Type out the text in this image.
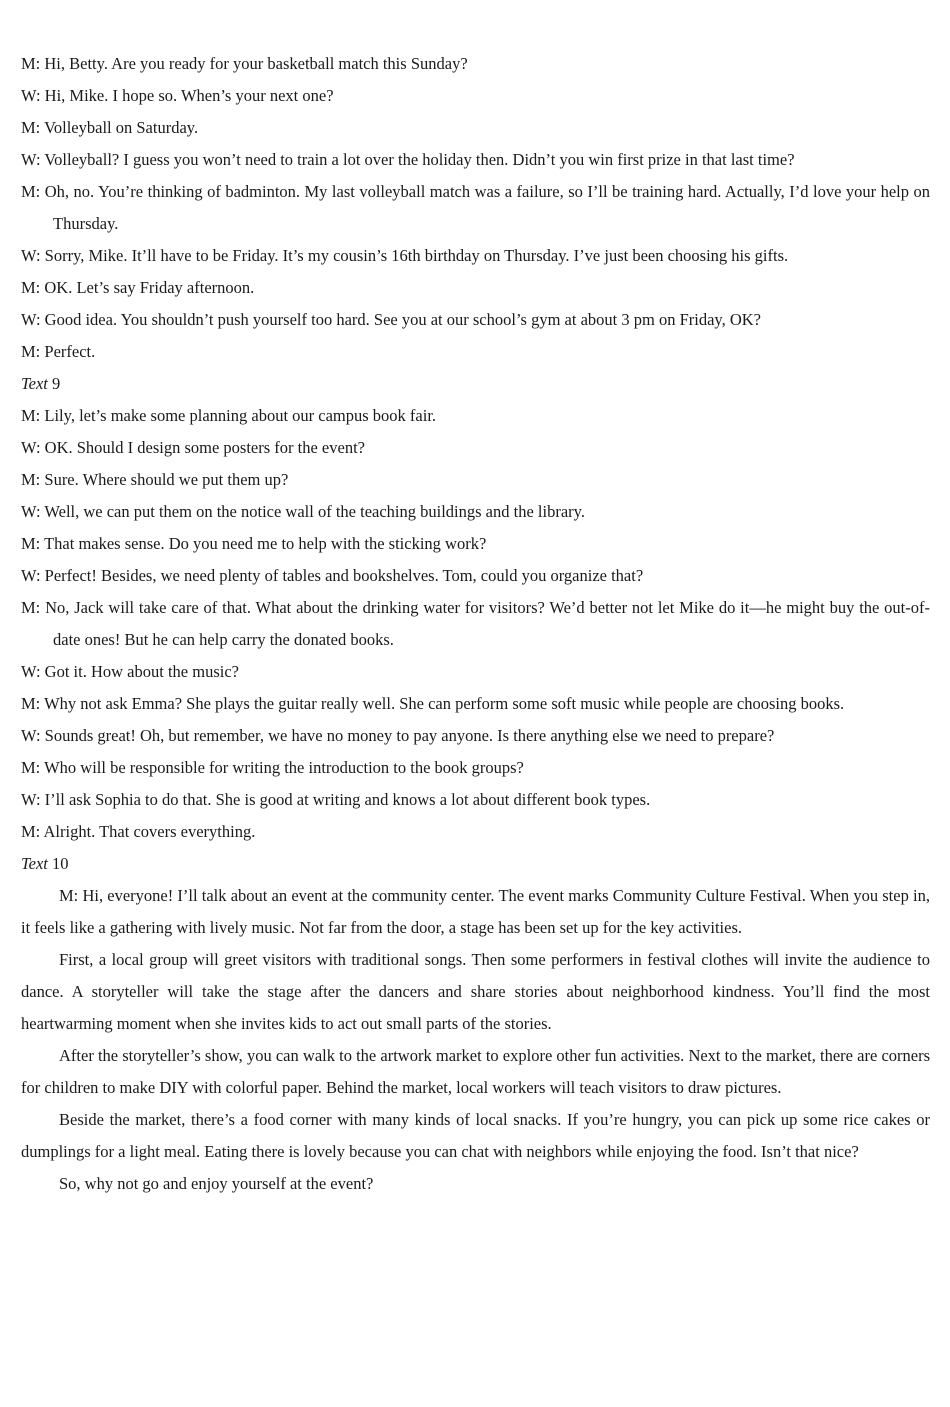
M: Hi, Betty. Are you ready for your basketball match this Sunday?

W: Hi, Mike. I hope so. When’s your next one?

M: Volleyball on Saturday.

W: Volleyball? I guess you won’t need to train a lot over the holiday then. Didn’t you win first prize in that last time?

M: Oh, no. You’re thinking of badminton. My last volleyball match was a failure, so I’ll be training hard. Actually, I’d love your help on Thursday.

W: Sorry, Mike. It’ll have to be Friday. It’s my cousin’s 16th birthday on Thursday. I’ve just been choosing his gifts.

M: OK. Let’s say Friday afternoon.

W: Good idea. You shouldn’t push yourself too hard. See you at our school’s gym at about 3 pm on Friday, OK?

M: Perfect.

Text 9

M: Lily, let’s make some planning about our campus book fair.

W: OK. Should I design some posters for the event?

M: Sure. Where should we put them up?

W: Well, we can put them on the notice wall of the teaching buildings and the library.

M: That makes sense. Do you need me to help with the sticking work?

W: Perfect! Besides, we need plenty of tables and bookshelves. Tom, could you organize that?

M: No, Jack will take care of that. What about the drinking water for visitors? We’d better not let Mike do it—he might buy the out-of-date ones! But he can help carry the donated books.

W: Got it. How about the music?

M: Why not ask Emma? She plays the guitar really well. She can perform some soft music while people are choosing books.

W: Sounds great! Oh, but remember, we have no money to pay anyone. Is there anything else we need to prepare?

M: Who will be responsible for writing the introduction to the book groups?

W: I’ll ask Sophia to do that. She is good at writing and knows a lot about different book types.

M: Alright. That covers everything.

Text 10

M: Hi, everyone! I’ll talk about an event at the community center. The event marks Community Culture Festival. When you step in, it feels like a gathering with lively music. Not far from the door, a stage has been set up for the key activities.

First, a local group will greet visitors with traditional songs. Then some performers in festival clothes will invite the audience to dance. A storyteller will take the stage after the dancers and share stories about neighborhood kindness. You’ll find the most heartwarming moment when she invites kids to act out small parts of the stories.

After the storyteller’s show, you can walk to the artwork market to explore other fun activities. Next to the market, there are corners for children to make DIY with colorful paper. Behind the market, local workers will teach visitors to draw pictures.

Beside the market, there’s a food corner with many kinds of local snacks. If you’re hungry, you can pick up some rice cakes or dumplings for a light meal. Eating there is lovely because you can chat with neighbors while enjoying the food. Isn’t that nice?

So, why not go and enjoy yourself at the event?
